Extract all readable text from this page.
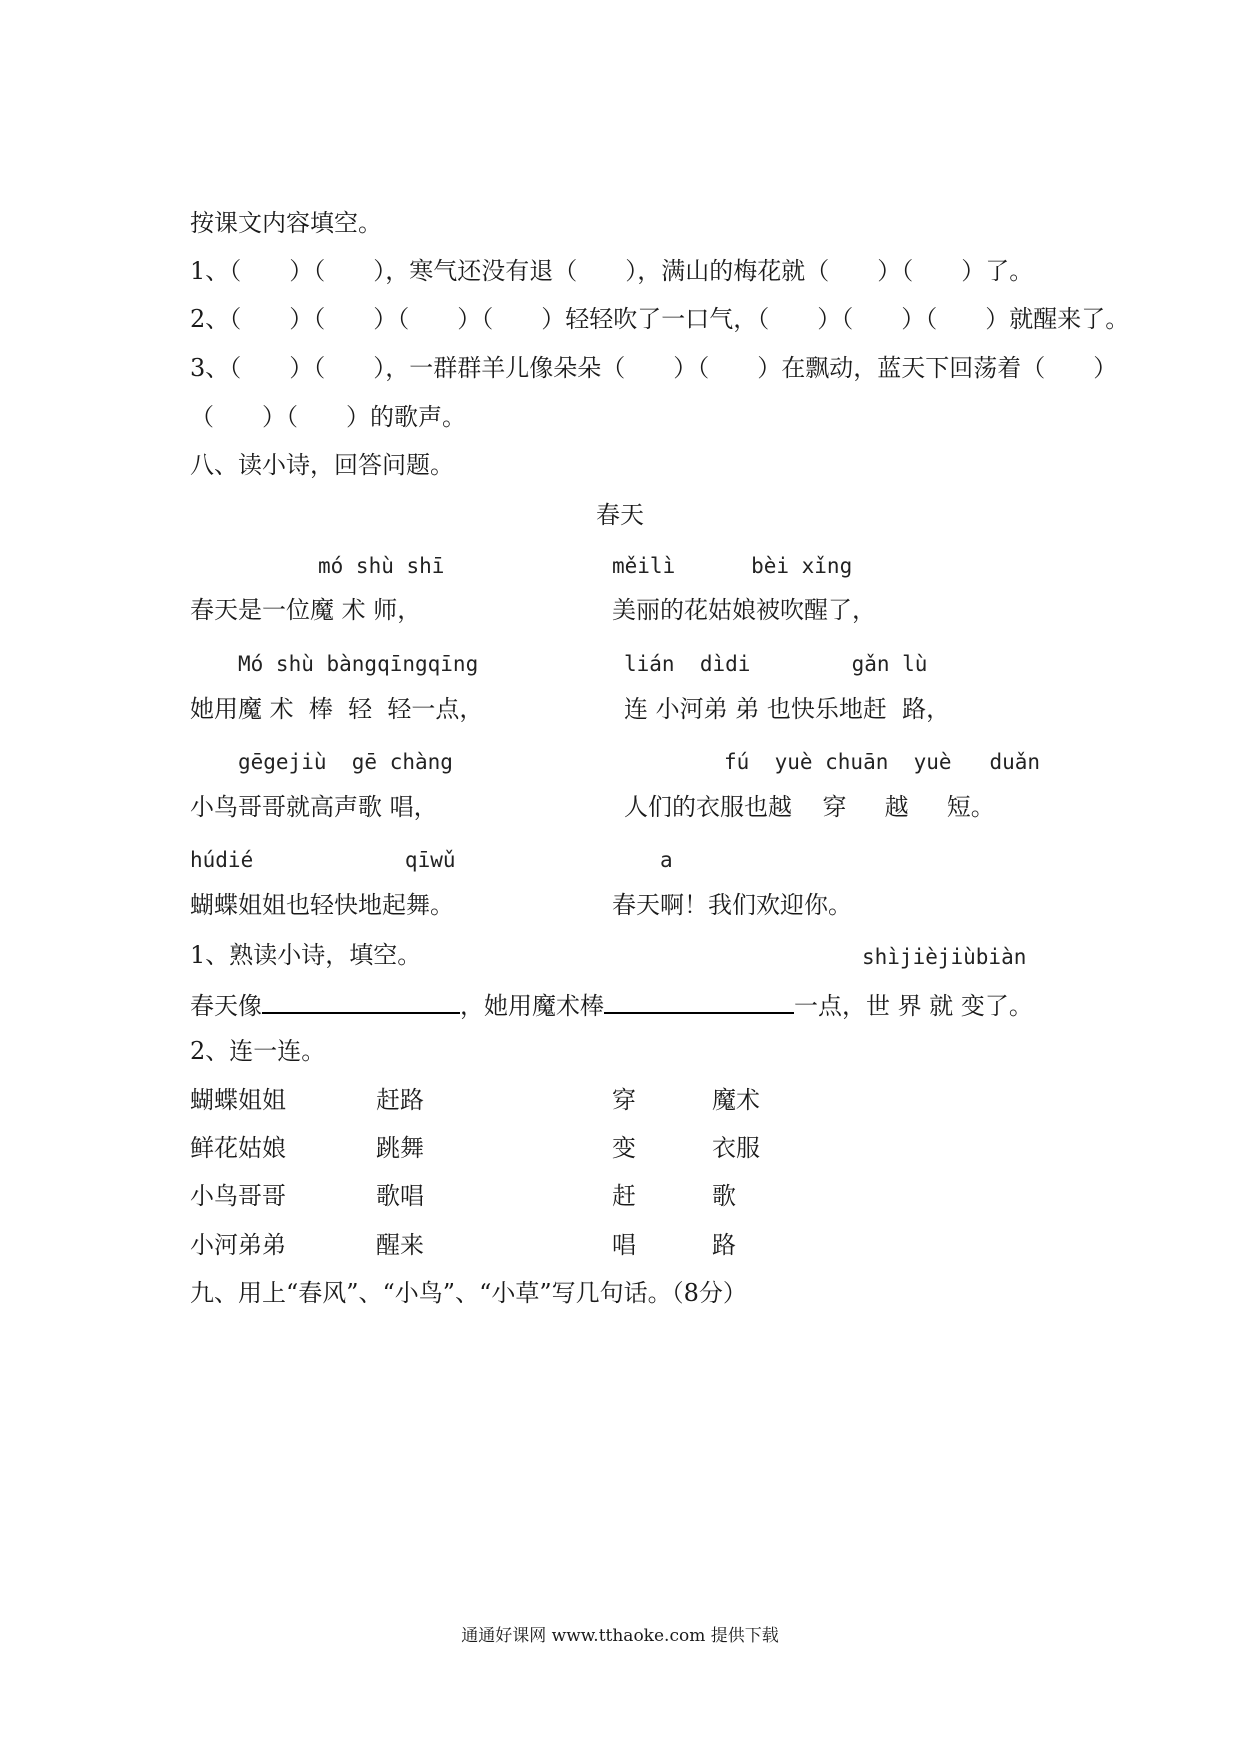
按课文内容填空。
1、（　　）（　　），寒气还没有退（　　），满山的梅花就（　　）（　　）了。
2、（　　）（　　）（　　）（　　）轻轻吹了一口气，（　　）（　　）（　　）就醒来了。
3、（　　）（　　），一群群羊儿像朵朵（　　）（　　）在飘动，蓝天下回荡着（　　）
（　　）（　　）的歌声。
八、读小诗，回答问题。
春天
mó shù shī
春天是一位魔 术 师，
Mó shù bàngqīngqīng
她用魔 术  棒  轻  轻一点，
gēgejiù  gē chàng
小鸟哥哥就高声歌 唱，
húdié            qīwǔ
蝴蝶姐姐也轻快地起舞。
měilì      bèi xǐng
美丽的花姑娘被吹醒了，
lián  dìdi        gǎn lù
连 小河弟 弟 也快乐地赶  路，
fú  yuè chuān  yuè   duǎn
人们的衣服也越    穿     越     短。
a
春天啊！我们欢迎你。
1、熟读小诗，填空。	shìjièjiùbiàn
春天像	，她用魔术棒	一点，世 界 就 变了。
2、连一连。
蝴蝶姐姐	赶路	穿	魔术
鲜花姑娘	跳舞	变	衣服
小鸟哥哥	歌唱	赶	歌
小河弟弟	醒来	唱	路
九、用上“春风”、“小鸟”、“小草”写几句话。（8分）
通通好课网 www.tthaoke.com 提供下载
